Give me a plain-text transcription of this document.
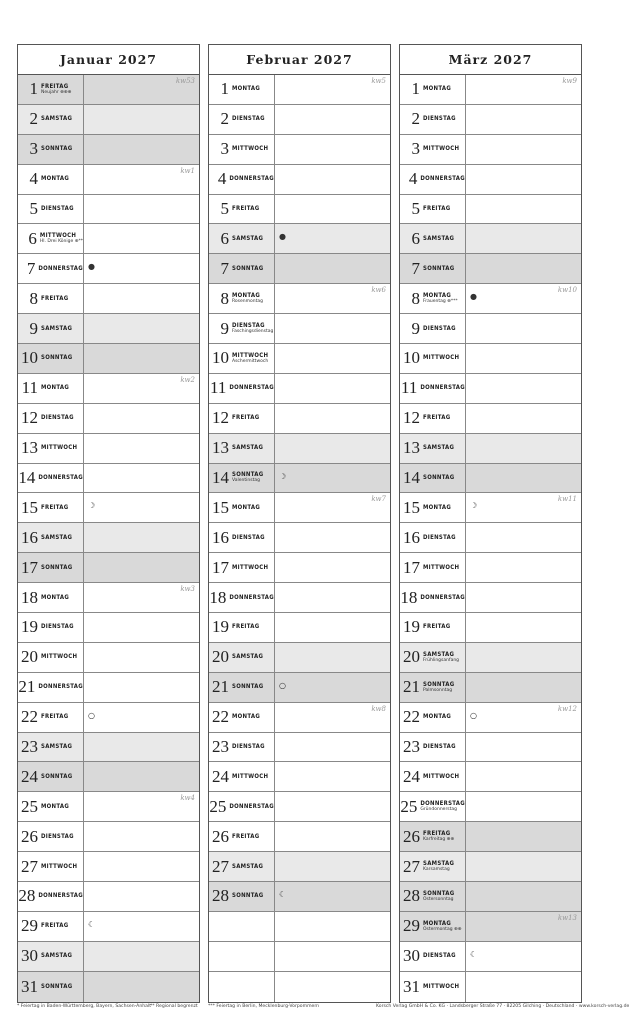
Januar 2027
1 FREITAG
Neujahr ⊕⊕⊕
kw53
2 SAMSTAG
3 SONNTAG
4 MONTAG
kw1
5 DIENSTAG
6 MITTWOCH
Hl. Drei Könige ⊕**
7 DONNERSTAG ●
8 FREITAG
9 SAMSTAG
10 SONNTAG
11 MONTAG
kw2
12 DIENSTAG
13 MITTWOCH
14 DONNERSTAG
15 FREITAG ☽
16 SAMSTAG
17 SONNTAG
18 MONTAG
kw3
19 DIENSTAG
20 MITTWOCH
21 DONNERSTAG
22 FREITAG ○
23 SAMSTAG
24 SONNTAG
25 MONTAG
kw4
26 DIENSTAG
27 MITTWOCH
28 DONNERSTAG
29 FREITAG ☾
30 SAMSTAG
31 SONNTAG
Februar 2027
1 MONTAG
kw5
2 DIENSTAG
3 MITTWOCH
4 DONNERSTAG
5 FREITAG
6 SAMSTAG ●
7 SONNTAG
8 MONTAG
Rosenmontag
kw6
9 DIENSTAG
Faschingsdienstag
10 MITTWOCH
Aschermittwoch
11 DONNERSTAG
12 FREITAG
13 SAMSTAG
14 SONNTAG
Valentinstag
☽
15 MONTAG
kw7
16 DIENSTAG
17 MITTWOCH
18 DONNERSTAG
19 FREITAG
20 SAMSTAG
21 SONNTAG ○
22 MONTAG
kw8
23 DIENSTAG
24 MITTWOCH
25 DONNERSTAG
26 FREITAG
27 SAMSTAG
28 SONNTAG ☾
März 2027
1 MONTAG
kw9
2 DIENSTAG
3 MITTWOCH
4 DONNERSTAG
5 FREITAG
6 SAMSTAG
7 SONNTAG
8 MONTAG
Frauentag ⊕***
●
kw10
9 DIENSTAG
10 MITTWOCH
11 DONNERSTAG
12 FREITAG
13 SAMSTAG
14 SONNTAG
15 MONTAG ☽
kw11
16 DIENSTAG
17 MITTWOCH
18 DONNERSTAG
19 FREITAG
20 SAMSTAG
Frühlingsanfang
21 SONNTAG
Palmsonntag
22 MONTAG ○
kw12
23 DIENSTAG
24 MITTWOCH
25 DONNERSTAG
Gründonnerstag
26 FREITAG
Karfreitag ⊕⊕
27 SAMSTAG
Karsamstag
28 SONNTAG
Ostersonntag
29 MONTAG
Ostermontag ⊕⊕
kw13
30 DIENSTAG ☾
31 MITTWOCH
* Feiertag in Baden-Württemberg, Bayern, Sachsen-Anhalt
** Regional begrenzt *** Feiertag in Berlin, Mecklenburg-Vorpommern	Korsch Verlag GmbH & Co. KG · Landsberger Straße 77 · 82205 Gilching · Deutschland · www.korsch-verlag.de
